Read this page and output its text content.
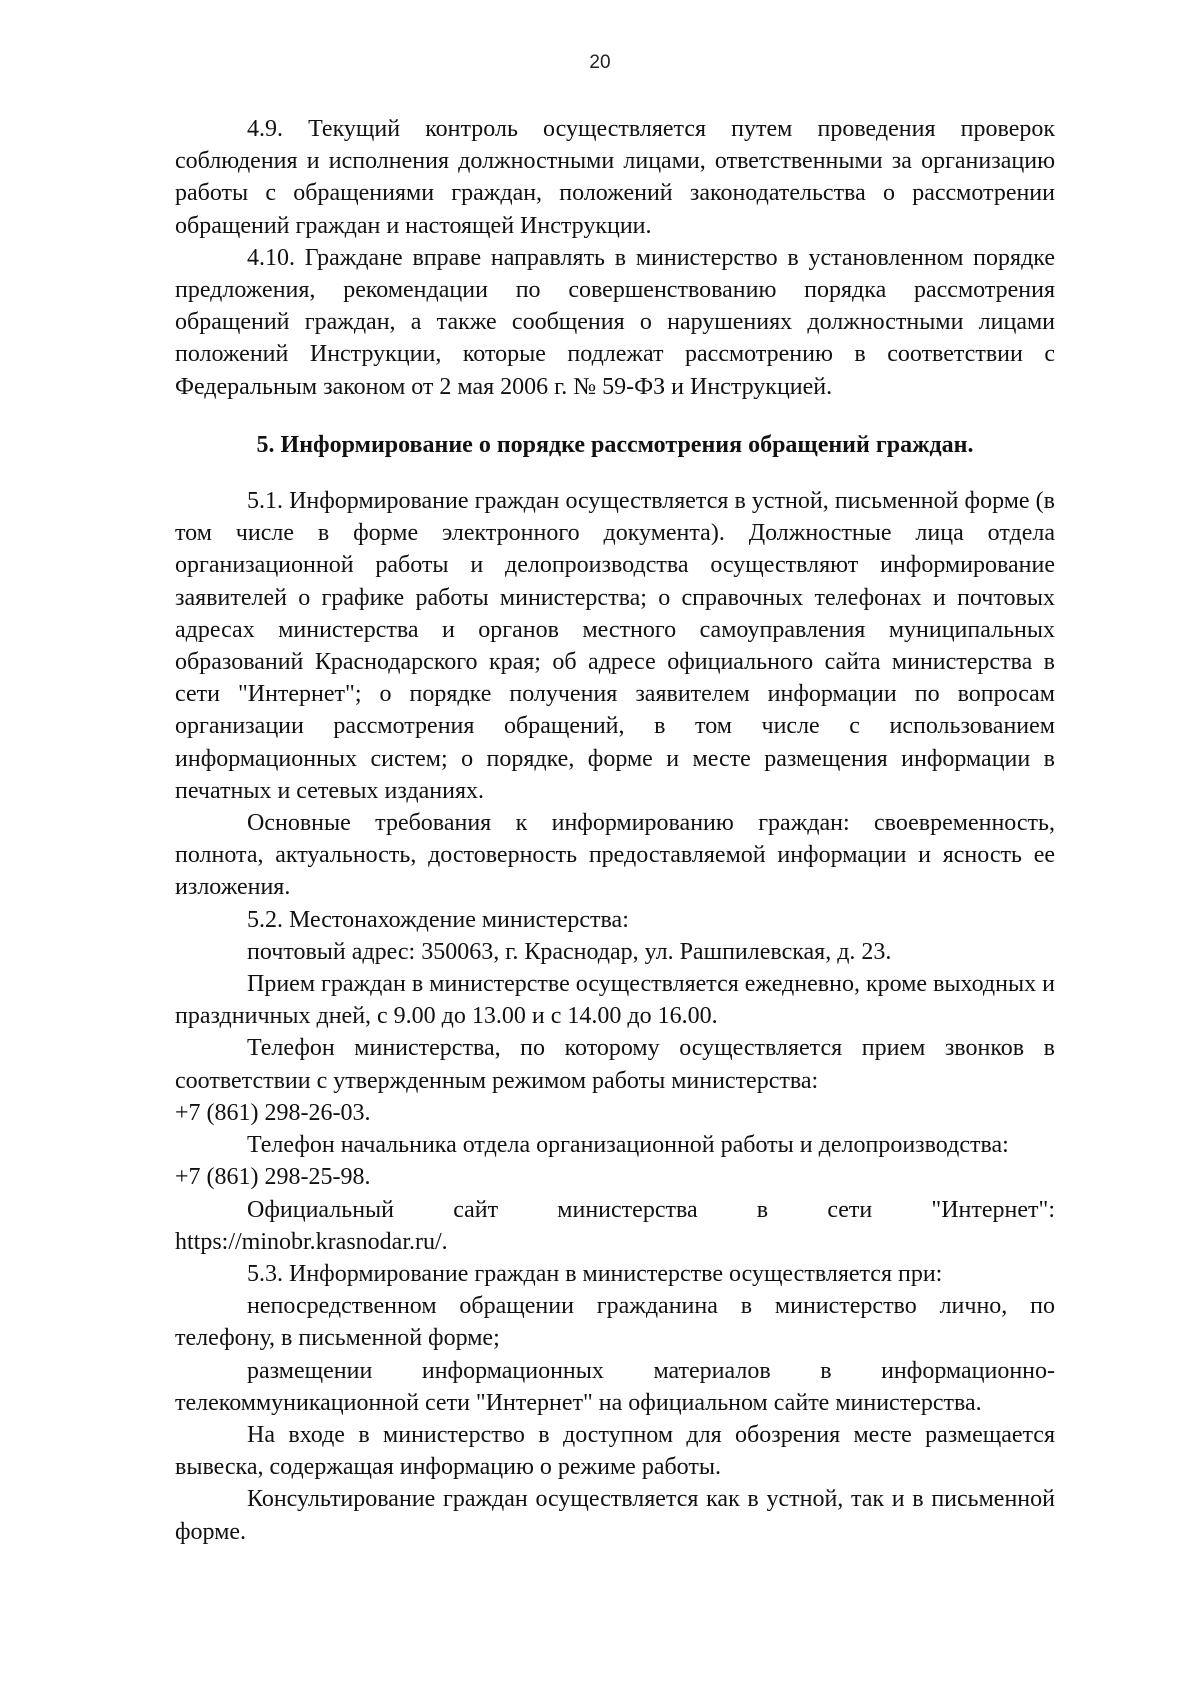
20

4.9. Текущий контроль осуществляется путем проведения проверок соблюдения и исполнения должностными лицами, ответственными за организацию работы с обращениями граждан, положений законодательства о рассмотрении обращений граждан и настоящей Инструкции.

4.10. Граждане вправе направлять в министерство в установленном порядке предложения, рекомендации по совершенствованию порядка рассмотрения обращений граждан, а также сообщения о нарушениях должностными лицами положений Инструкции, которые подлежат рассмотрению в соответствии с Федеральным законом от 2 мая 2006 г. № 59-ФЗ и Инструкцией.

5. Информирование о порядке рассмотрения обращений граждан.

5.1. Информирование граждан осуществляется в устной, письменной форме (в том числе в форме электронного документа). Должностные лица отдела организационной работы и делопроизводства осуществляют информирование заявителей о графике работы министерства; о справочных телефонах и почтовых адресах министерства и органов местного самоуправления муниципальных образований Краснодарского края; об адресе официального сайта министерства в сети "Интернет"; о порядке получения заявителем информации по вопросам организации рассмотрения обращений, в том числе с использованием информационных систем; о порядке, форме и месте размещения информации в печатных и сетевых изданиях.

Основные требования к информированию граждан: своевременность, полнота, актуальность, достоверность предоставляемой информации и ясность ее изложения.

5.2. Местонахождение министерства:

почтовый адрес: 350063, г. Краснодар, ул. Рашпилевская, д. 23.

Прием граждан в министерстве осуществляется ежедневно, кроме выходных и праздничных дней, с 9.00 до 13.00 и с 14.00 до 16.00.

Телефон министерства, по которому осуществляется прием звонков в соответствии с утвержденным режимом работы министерства:

+7 (861) 298-26-03.

Телефон начальника отдела организационной работы и делопроизводства:

+7 (861) 298-25-98.

Официальный сайт министерства в сети "Интернет":

https://minobr.krasnodar.ru/.

5.3. Информирование граждан в министерстве осуществляется при:

непосредственном обращении гражданина в министерство лично, по телефону, в письменной форме;

размещении информационных материалов в информационно-телекоммуникационной сети "Интернет" на официальном сайте министерства.

На входе в министерство в доступном для обозрения месте размещается вывеска, содержащая информацию о режиме работы.

Консультирование граждан осуществляется как в устной, так и в письменной форме.
